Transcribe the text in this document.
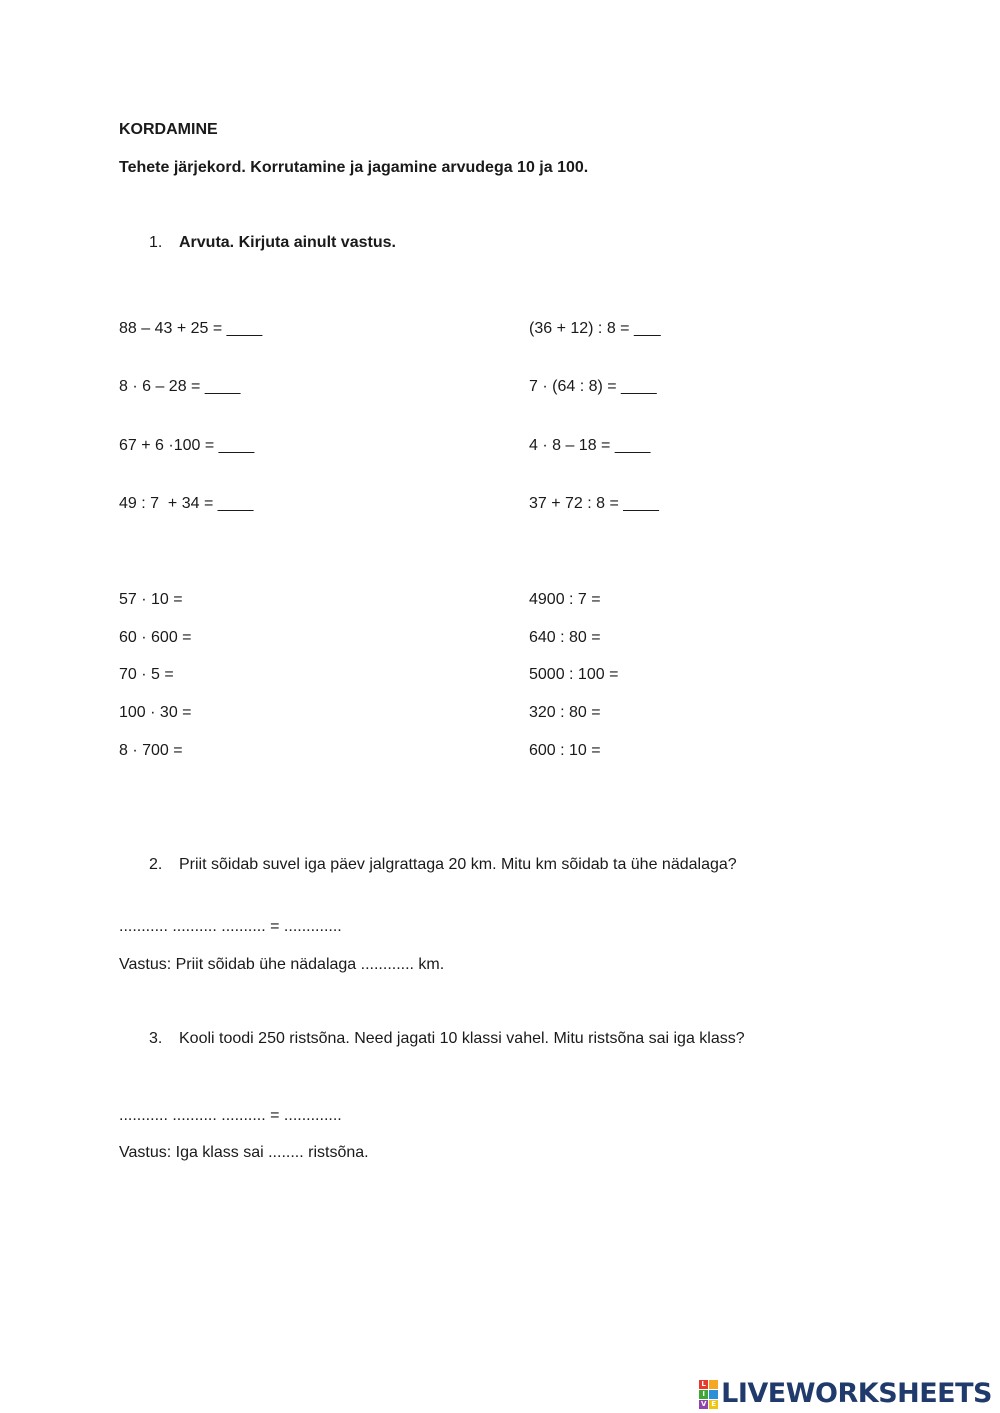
KORDAMINE
Tehete järjekord. Korrutamine ja jagamine arvudega 10 ja 100.
1. Arvuta. Kirjuta ainult vastus.
88 – 43 + 25 = ____
8 · 6 – 28 = ____
67 + 6 ·100 = ____
49 : 7  + 34 = ____
(36 + 12) : 8 = ___
7 · (64 : 8) = ____
4 · 8 – 18 = ____
37 + 72 : 8 = ____
57 · 10 =
60 · 600 =
70 · 5 =
100 · 30 =
8 · 700 =
4900 : 7 =
640 : 80 =
5000 : 100 =
320 : 80 =
600 : 10 =
2. Priit sõidab suvel iga päev jalgrattaga 20 km. Mitu km sõidab ta ühe nädalaga?
........... .......... .......... = .............
Vastus: Priit sõidab ühe nädalaga ............ km.
3. Kooli toodi 250 ristsõna. Need jagati 10 klassi vahel. Mitu ristsõna sai iga klass?
........... .......... .......... = .............
Vastus: Iga klass sai ........ ristsõna.
L
I
V E LIVEWORKSHEETS
